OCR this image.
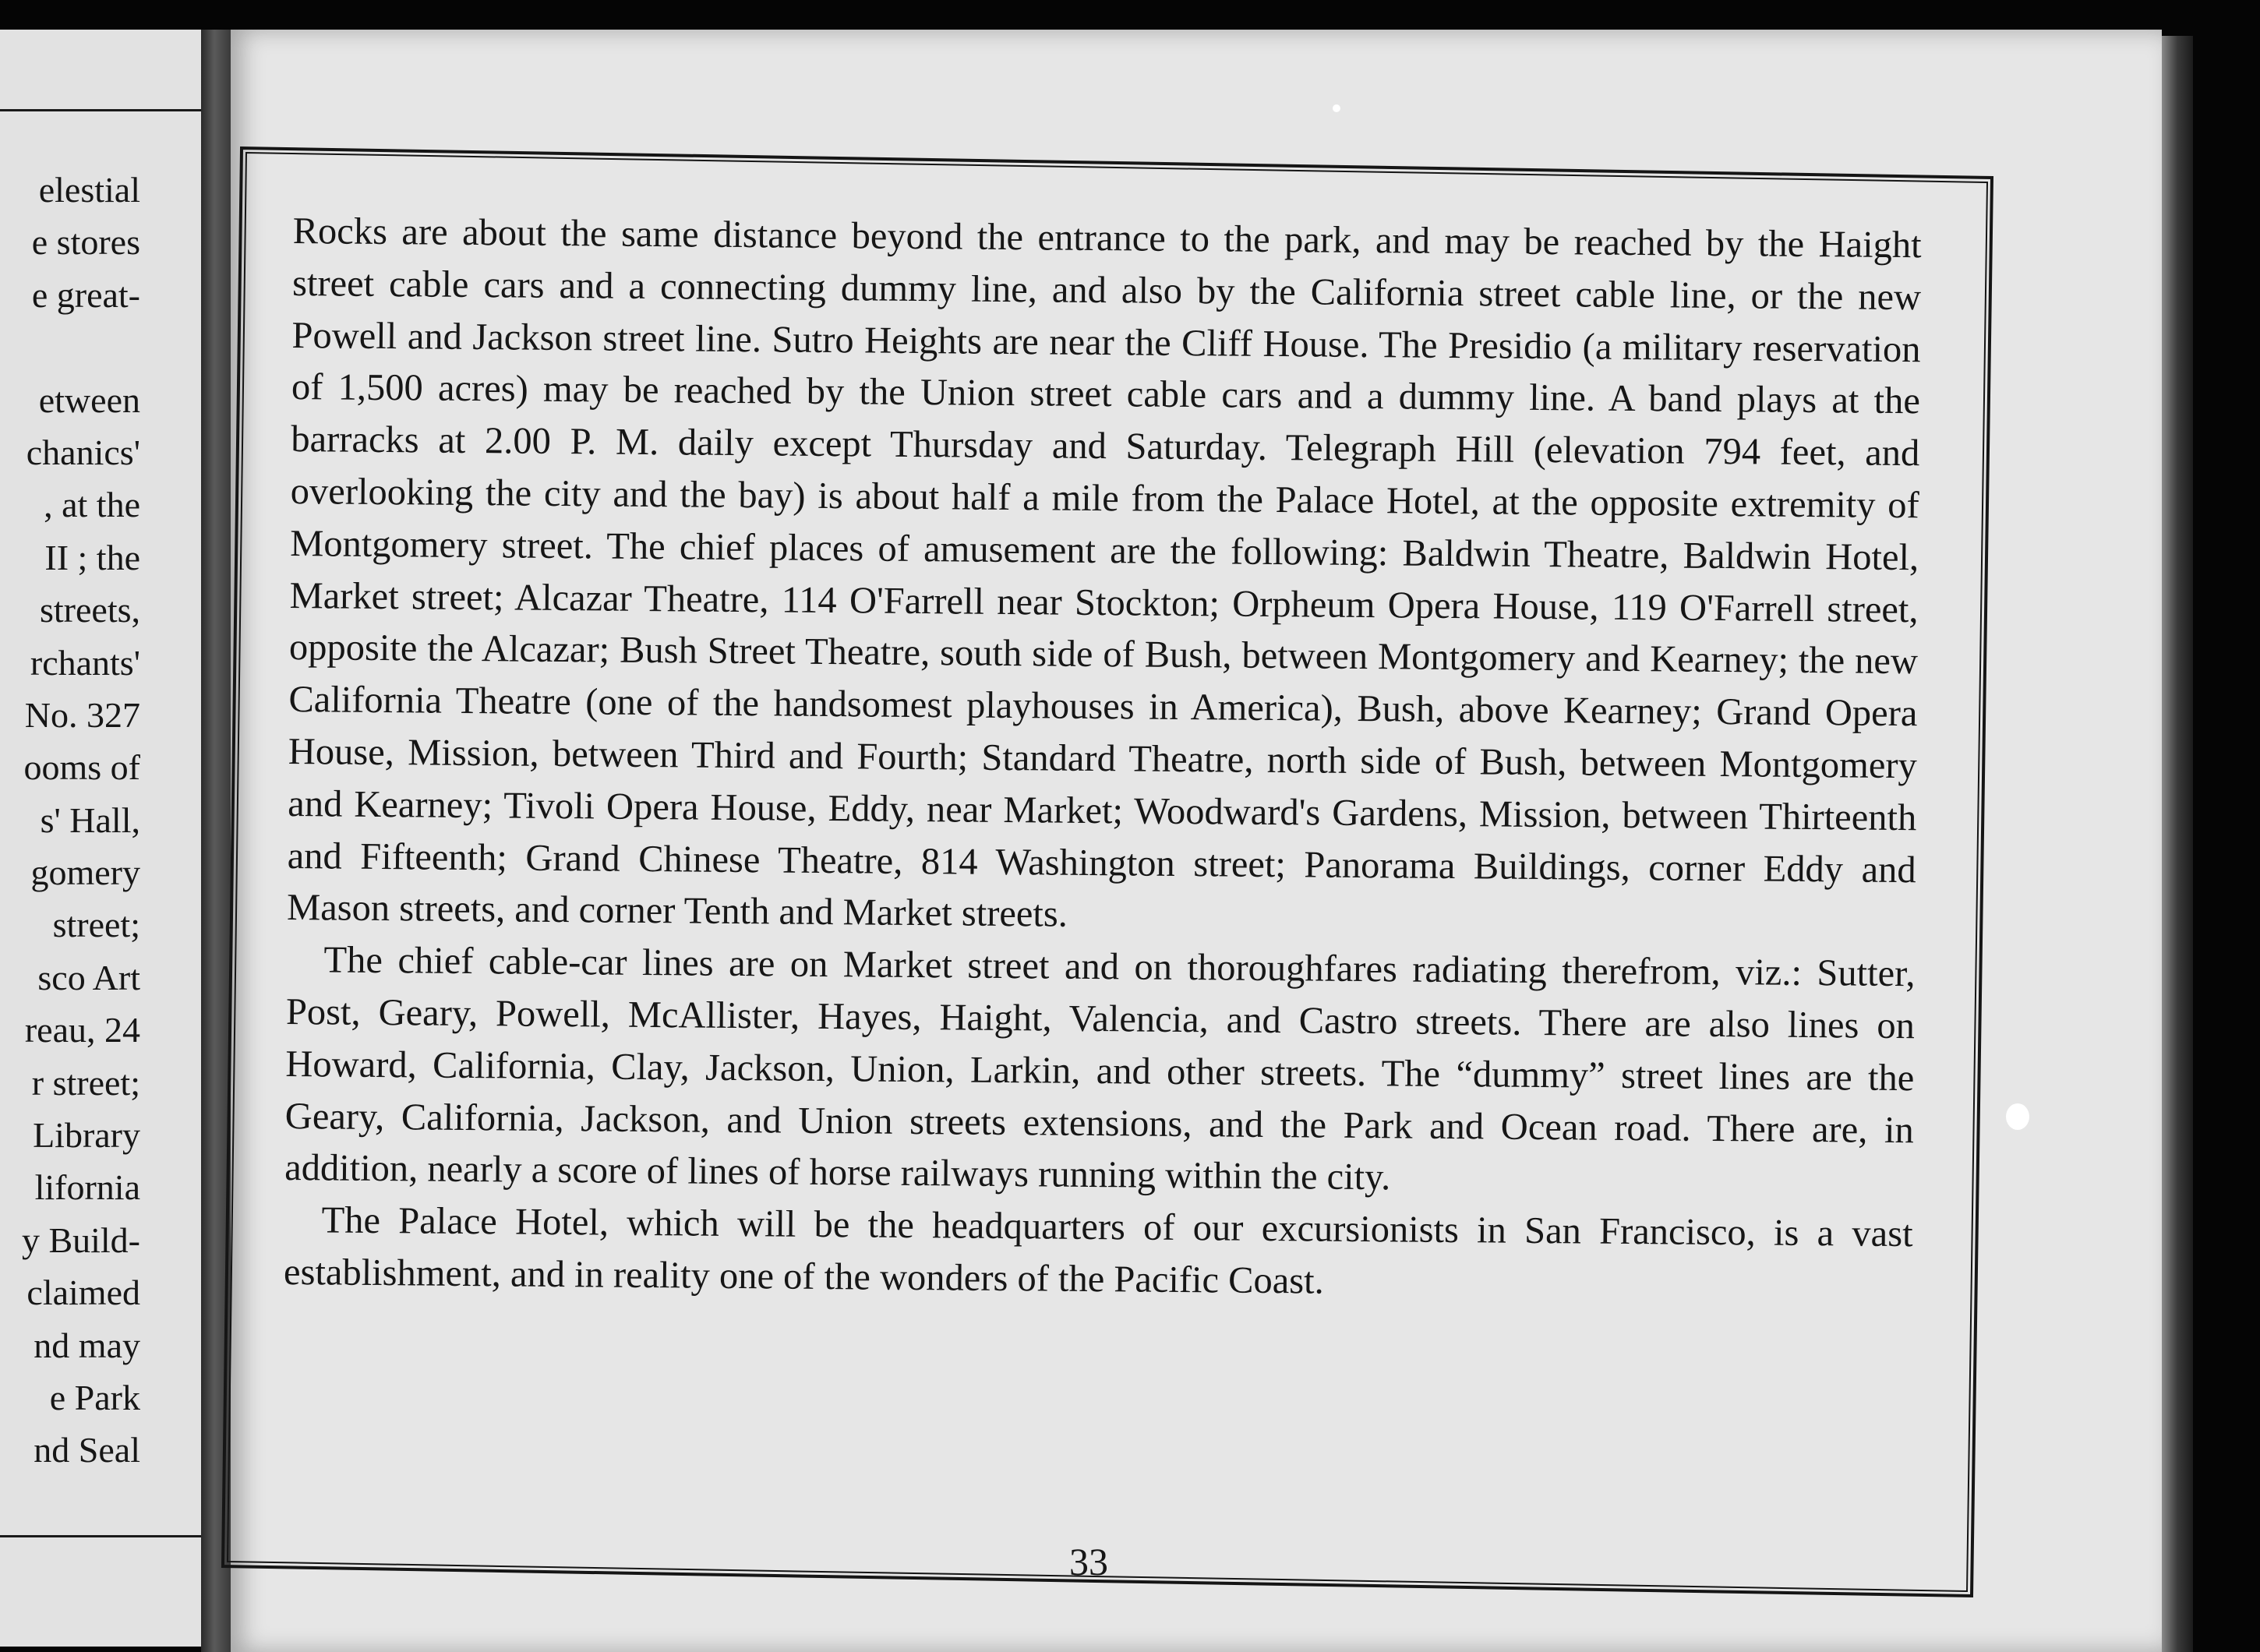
elestial
e stores
e great-
etween
chanics'
, at the
II ; the
streets,
rchants'
No. 327
ooms of
s' Hall,
gomery
street;
sco Art
reau, 24
r street;
Library
lifornia
y Build-
claimed
nd may
e Park
nd Seal

Rocks are about the same distance beyond the entrance to the park, and may be reached by the Haight street cable cars and a connecting dummy line, and also by the California street cable line, or the new Powell and Jackson street line. Sutro Heights are near the Cliff House. The Presidio (a military reservation of 1,500 acres) may be reached by the Union street cable cars and a dummy line. A band plays at the barracks at 2.00 P. M. daily except Thursday and Saturday. Telegraph Hill (elevation 794 feet, and overlooking the city and the bay) is about half a mile from the Palace Hotel, at the opposite extremity of Montgomery street. The chief places of amusement are the following: Baldwin Theatre, Baldwin Hotel, Market street; Alcazar Theatre, 114 O'Farrell near Stockton; Orpheum Opera House, 119 O'Farrell street, opposite the Alcazar; Bush Street Theatre, south side of Bush, between Montgomery and Kearney; the new California Theatre (one of the handsomest playhouses in America), Bush, above Kearney; Grand Opera House, Mission, between Third and Fourth; Standard Theatre, north side of Bush, between Montgomery and Kearney; Tivoli Opera House, Eddy, near Market; Woodward's Gardens, Mission, between Thirteenth and Fifteenth; Grand Chinese Theatre, 814 Washington street; Panorama Buildings, corner Eddy and Mason streets, and corner Tenth and Market streets.

The chief cable-car lines are on Market street and on thoroughfares radiating therefrom, viz.: Sutter, Post, Geary, Powell, McAllister, Hayes, Haight, Valencia, and Castro streets. There are also lines on Howard, California, Clay, Jackson, Union, Larkin, and other streets. The “dummy” street lines are the Geary, California, Jackson, and Union streets extensions, and the Park and Ocean road. There are, in addition, nearly a score of lines of horse railways running within the city.

The Palace Hotel, which will be the headquarters of our excursionists in San Francisco, is a vast establishment, and in reality one of the wonders of the Pacific Coast.

33
